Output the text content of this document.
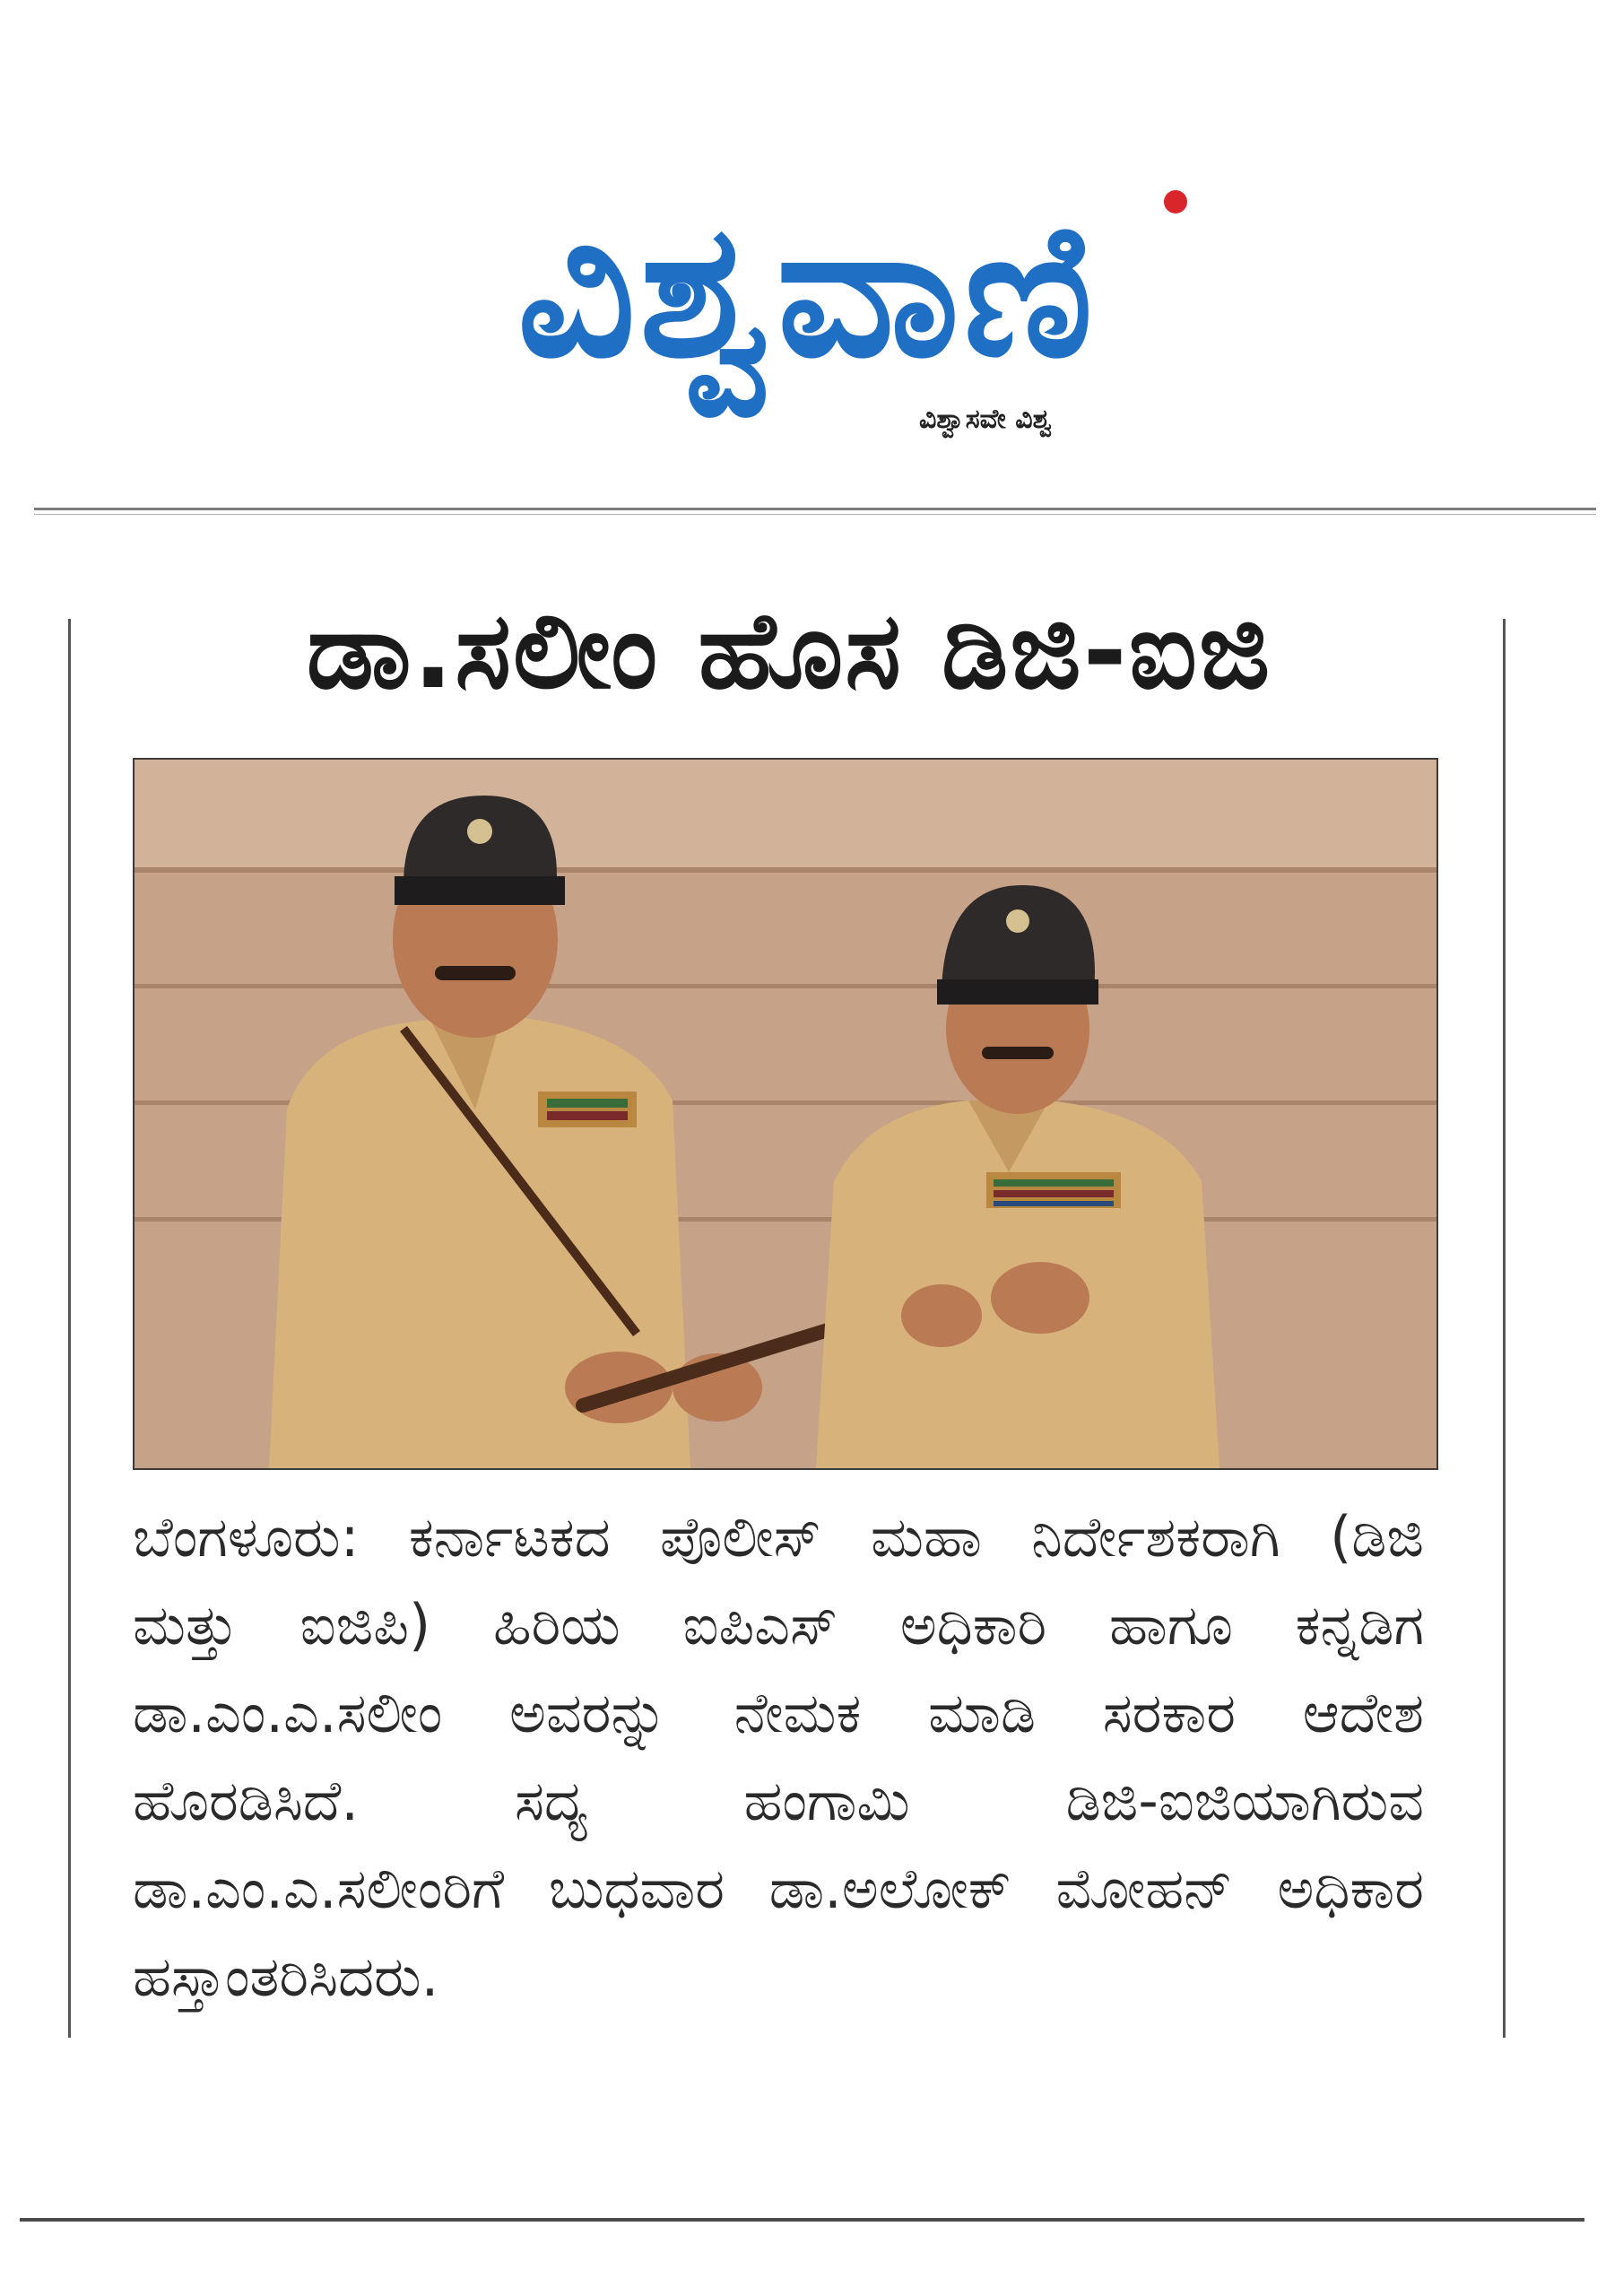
ವಿಶ್ವವಾಣಿ
ವಿಶ್ವಾಸವೇ ವಿಶ್ವ
ಡಾ.ಸಲೀಂ ಹೊಸ ಡಿಜಿ-ಐಜಿ
ಬೆಂಗಳೂರು: ಕರ್ನಾಟಕದ ಪೊಲೀಸ್ ಮಹಾ ನಿರ್ದೇಶಕರಾಗಿ (ಡಿಜಿ ಮತ್ತು ಐಜಿಪಿ) ಹಿರಿಯ ಐಪಿಎಸ್ ಅಧಿಕಾರಿ ಹಾಗೂ ಕನ್ನಡಿಗ ಡಾ.ಎಂ.ಎ.ಸಲೀಂ ಅವರನ್ನು ನೇಮಕ ಮಾಡಿ ಸರಕಾರ ಆದೇಶ ಹೊರಡಿಸಿದೆ. ಸದ್ಯ ಹಂಗಾಮಿ ಡಿಜಿ-ಐಜಿಯಾಗಿರುವ ಡಾ.ಎಂ.ಎ.ಸಲೀಂರಿಗೆ ಬುಧವಾರ ಡಾ.ಅಲೋಕ್ ಮೋಹನ್ ಅಧಿಕಾರ ಹಸ್ತಾಂತರಿಸಿದರು.
